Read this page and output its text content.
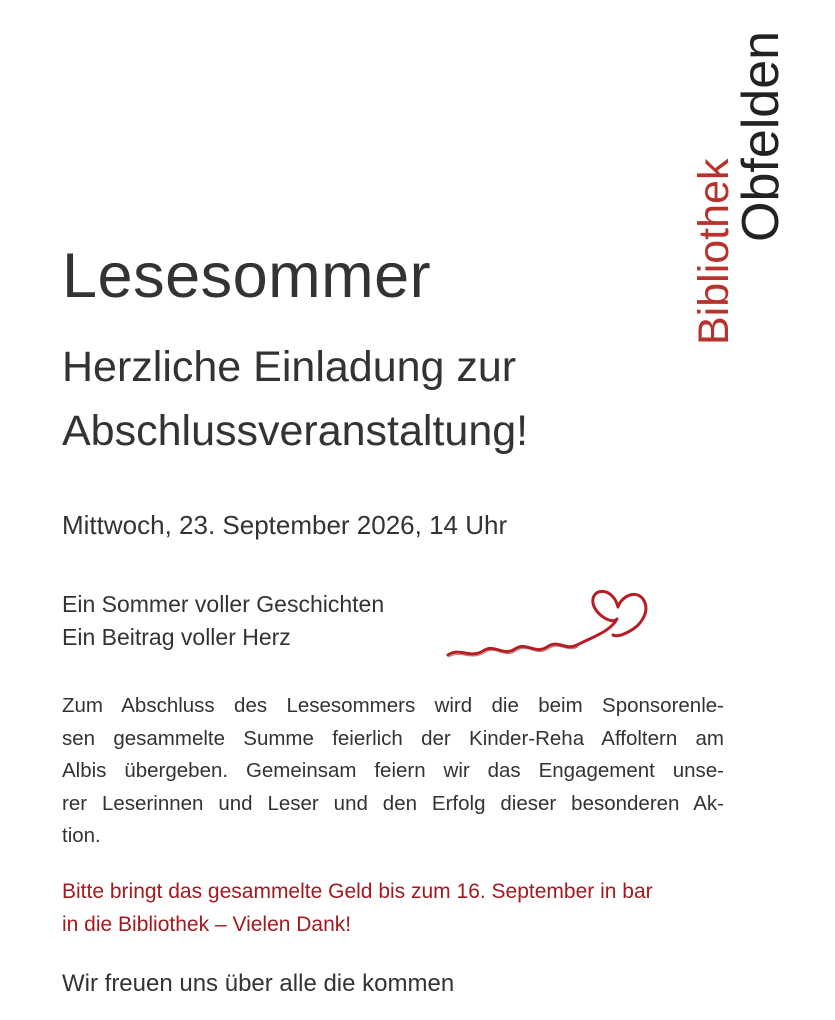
Bibliothek
Obfelden
Lesesommer
Herzliche Einladung zur
Abschlussveranstaltung!

Mittwoch, 23. September 2026, 14 Uhr

Ein Sommer voller Geschichten
Ein Beitrag voller Herz

Zum Abschluss des Lesesommers wird die beim Sponsorenle-
sen gesammelte Summe feierlich der Kinder-Reha Affoltern am
Albis übergeben. Gemeinsam feiern wir das Engagement unse-
rer Leserinnen und Leser und den Erfolg dieser besonderen Ak-
tion.

Bitte bringt das gesammelte Geld bis zum 16. September in bar
in die Bibliothek – Vielen Dank!

Wir freuen uns über alle die kommen
